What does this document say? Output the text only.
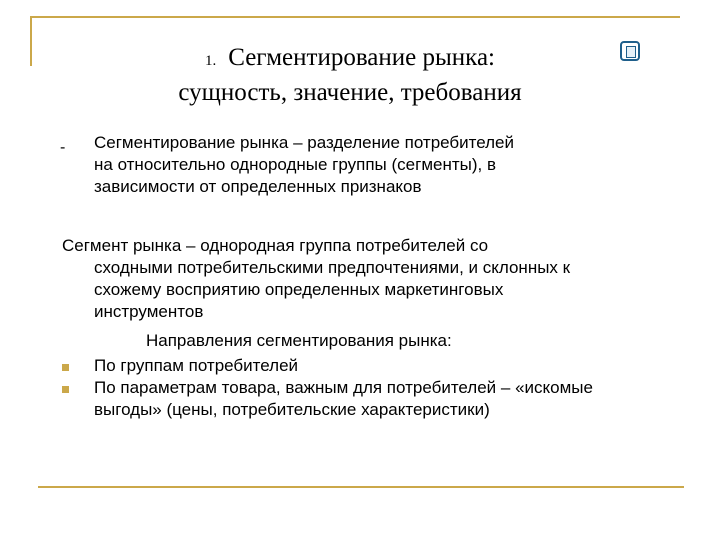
1. Сегментирование рынка:
сущность, значение, требования
- Сегментирование рынка – разделение потребителей на относительно однородные группы (сегменты), в зависимости от определенных признаков
Сегмент рынка – однородная группа потребителей со
сходными потребительскими предпочтениями, и склонных к схожему восприятию определенных маркетинговых инструментов
Направления сегментирования рынка:
По группам потребителей
По параметрам товара, важным для потребителей – «искомые выгоды» (цены, потребительские характеристики)
